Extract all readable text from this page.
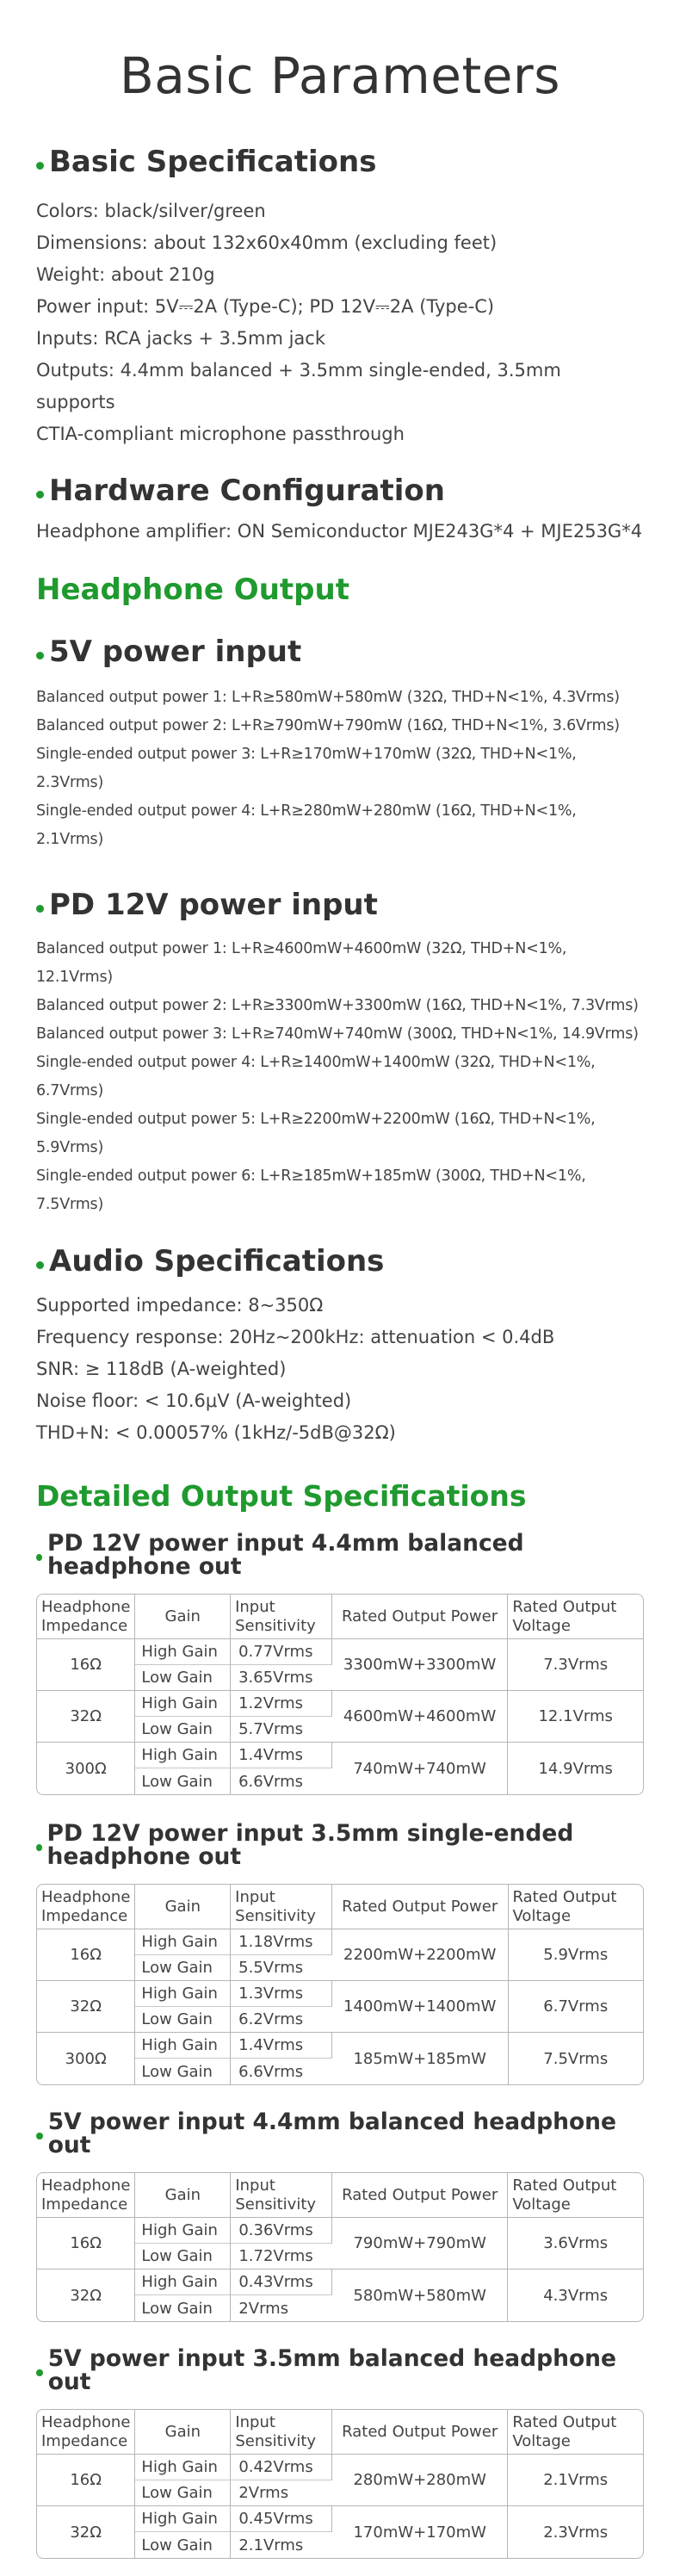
Basic Parameters
Basic Specifications
Colors: black/silver/green
Dimensions: about 132x60x40mm (excluding feet)
Weight: about 210g
Power input: 5V⎓2A (Type-C); PD 12V⎓2A (Type-C)
Inputs: RCA jacks + 3.5mm jack
Outputs: 4.4mm balanced + 3.5mm single-ended, 3.5mm supports
CTIA-compliant microphone passthrough
Hardware Configuration
Headphone amplifier: ON Semiconductor MJE243G*4 + MJE253G*4
Headphone Output
5V power input
Balanced output power 1: L+R≥580mW+580mW (32Ω, THD+N<1%, 4.3Vrms)
Balanced output power 2: L+R≥790mW+790mW (16Ω, THD+N<1%, 3.6Vrms)
Single-ended output power 3: L+R≥170mW+170mW (32Ω, THD+N<1%, 2.3Vrms)
Single-ended output power 4: L+R≥280mW+280mW (16Ω, THD+N<1%, 2.1Vrms)
PD 12V power input
Balanced output power 1: L+R≥4600mW+4600mW (32Ω, THD+N<1%, 12.1Vrms)
Balanced output power 2: L+R≥3300mW+3300mW (16Ω, THD+N<1%, 7.3Vrms)
Balanced output power 3: L+R≥740mW+740mW (300Ω, THD+N<1%, 14.9Vrms)
Single-ended output power 4: L+R≥1400mW+1400mW (32Ω, THD+N<1%, 6.7Vrms)
Single-ended output power 5: L+R≥2200mW+2200mW (16Ω, THD+N<1%, 5.9Vrms)
Single-ended output power 6: L+R≥185mW+185mW (300Ω, THD+N<1%, 7.5Vrms)
Audio Specifications
Supported impedance: 8~350Ω
Frequency response: 20Hz~200kHz: attenuation < 0.4dB
SNR: ≥ 118dB (A-weighted)
Noise floor: < 10.6μV (A-weighted)
THD+N: < 0.00057% (1kHz/-5dB@32Ω)
Detailed Output Specifications
PD 12V power input 4.4mm balanced headphone out
Headphone Impedance	Gain	Input Sensitivity	Rated Output Power	Rated Output Voltage
16Ω	High Gain	0.77Vrms	3300mW+3300mW	7.3Vrms
	Low Gain	3.65Vrms		
32Ω	High Gain	1.2Vrms	4600mW+4600mW	12.1Vrms
	Low Gain	5.7Vrms		
300Ω	High Gain	1.4Vrms	740mW+740mW	14.9Vrms
	Low Gain	6.6Vrms		
PD 12V power input 3.5mm single-ended headphone out
Headphone Impedance	Gain	Input Sensitivity	Rated Output Power	Rated Output Voltage
16Ω	High Gain	1.18Vrms	2200mW+2200mW	5.9Vrms
	Low Gain	5.5Vrms		
32Ω	High Gain	1.3Vrms	1400mW+1400mW	6.7Vrms
	Low Gain	6.2Vrms		
300Ω	High Gain	1.4Vrms	185mW+185mW	7.5Vrms
	Low Gain	6.6Vrms		
5V power input 4.4mm balanced headphone out
Headphone Impedance	Gain	Input Sensitivity	Rated Output Power	Rated Output Voltage
16Ω	High Gain	0.36Vrms	790mW+790mW	3.6Vrms
	Low Gain	1.72Vrms		
32Ω	High Gain	0.43Vrms	580mW+580mW	4.3Vrms
	Low Gain	2Vrms		
5V power input 3.5mm balanced headphone out
Headphone Impedance	Gain	Input Sensitivity	Rated Output Power	Rated Output Voltage
16Ω	High Gain	0.42Vrms	280mW+280mW	2.1Vrms
	Low Gain	2Vrms		
32Ω	High Gain	0.45Vrms	170mW+170mW	2.3Vrms
	Low Gain	2.1Vrms		
